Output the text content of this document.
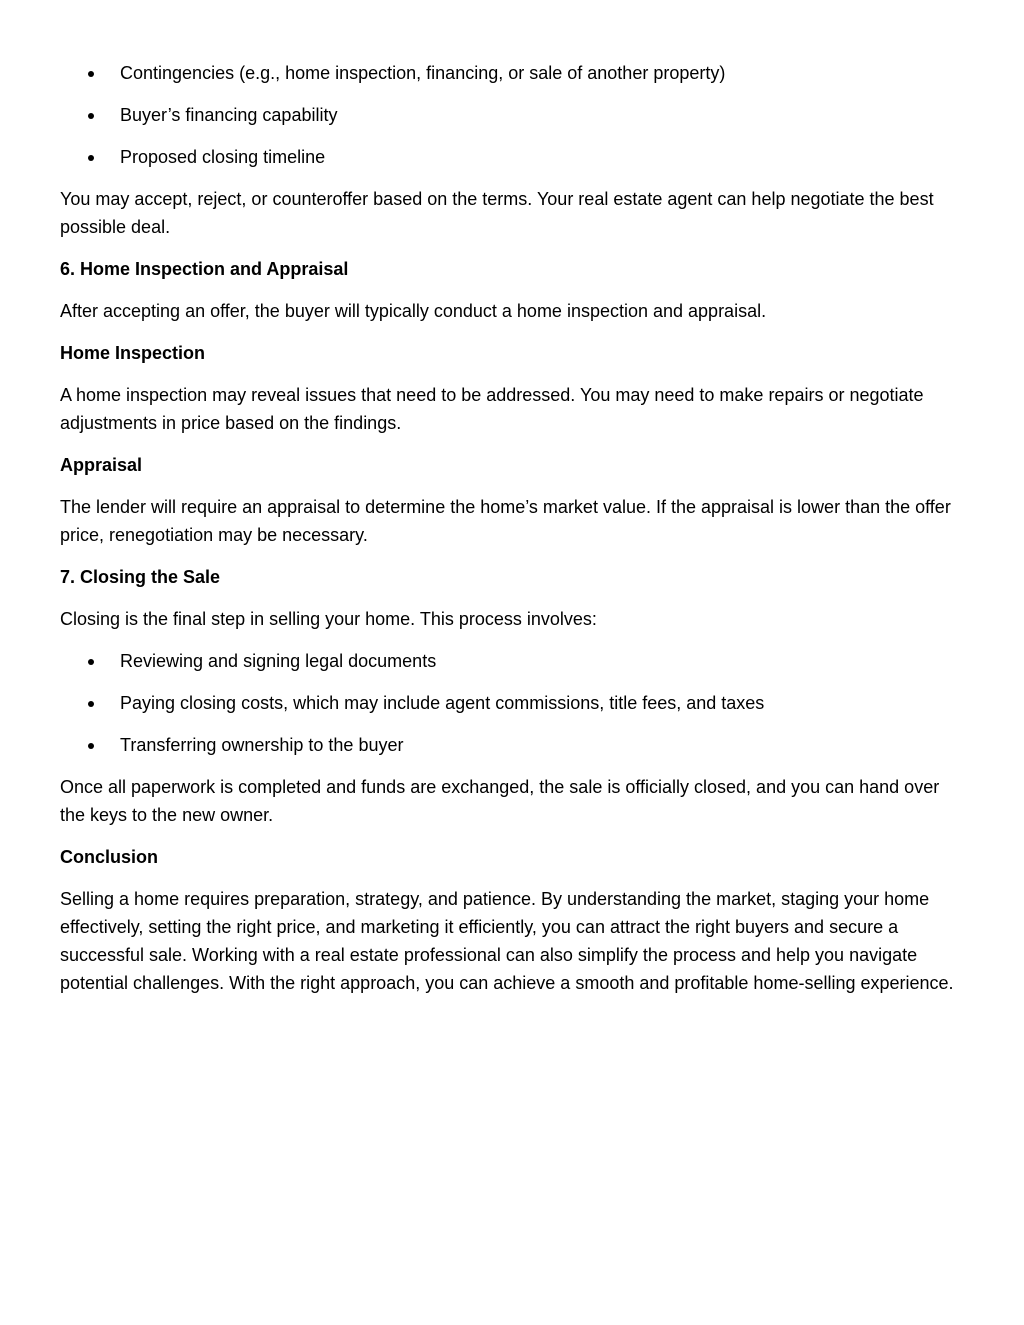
Contingencies (e.g., home inspection, financing, or sale of another property)
Buyer’s financing capability
Proposed closing timeline

You may accept, reject, or counteroffer based on the terms. Your real estate agent can help negotiate the best possible deal.

6. Home Inspection and Appraisal

After accepting an offer, the buyer will typically conduct a home inspection and appraisal.

Home Inspection

A home inspection may reveal issues that need to be addressed. You may need to make repairs or negotiate adjustments in price based on the findings.

Appraisal

The lender will require an appraisal to determine the home’s market value. If the appraisal is lower than the offer price, renegotiation may be necessary.

7. Closing the Sale

Closing is the final step in selling your home. This process involves:

Reviewing and signing legal documents
Paying closing costs, which may include agent commissions, title fees, and taxes
Transferring ownership to the buyer

Once all paperwork is completed and funds are exchanged, the sale is officially closed, and you can hand over the keys to the new owner.

Conclusion

Selling a home requires preparation, strategy, and patience. By understanding the market, staging your home effectively, setting the right price, and marketing it efficiently, you can attract the right buyers and secure a successful sale. Working with a real estate professional can also simplify the process and help you navigate potential challenges. With the right approach, you can achieve a smooth and profitable home-selling experience.
